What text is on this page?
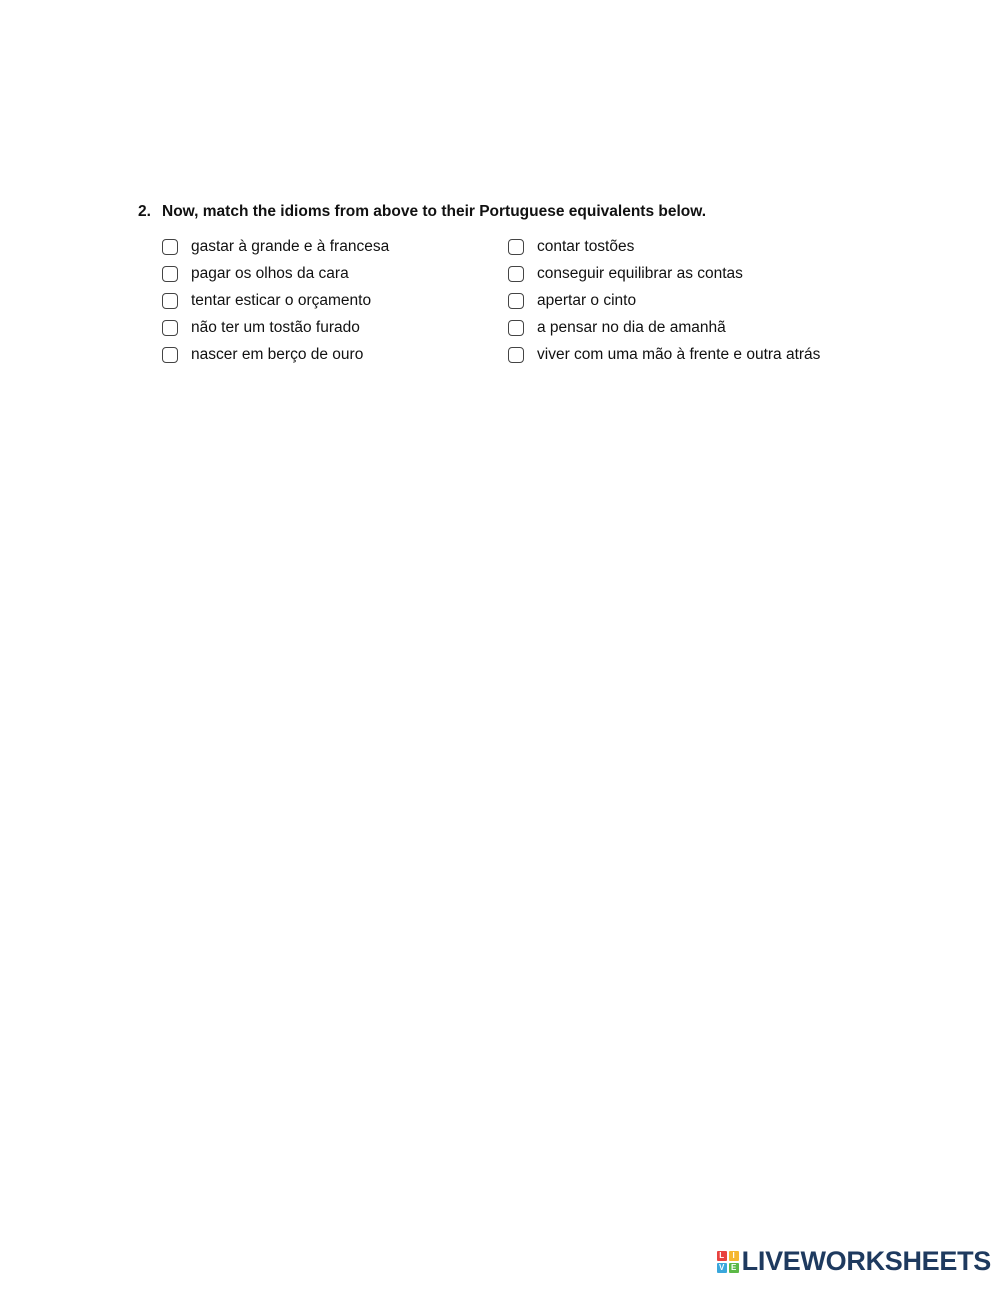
2. Now, match the idioms from above to their Portuguese equivalents below.
gastar à grande e à francesa
pagar os olhos da cara
tentar esticar o orçamento
não ter um tostão furado
nascer em berço de ouro
contar tostões
conseguir equilibrar as contas
apertar o cinto
a pensar no dia de amanhã
viver com uma mão à frente e outra atrás
L	I
V E LIVEWORKSHEETS
